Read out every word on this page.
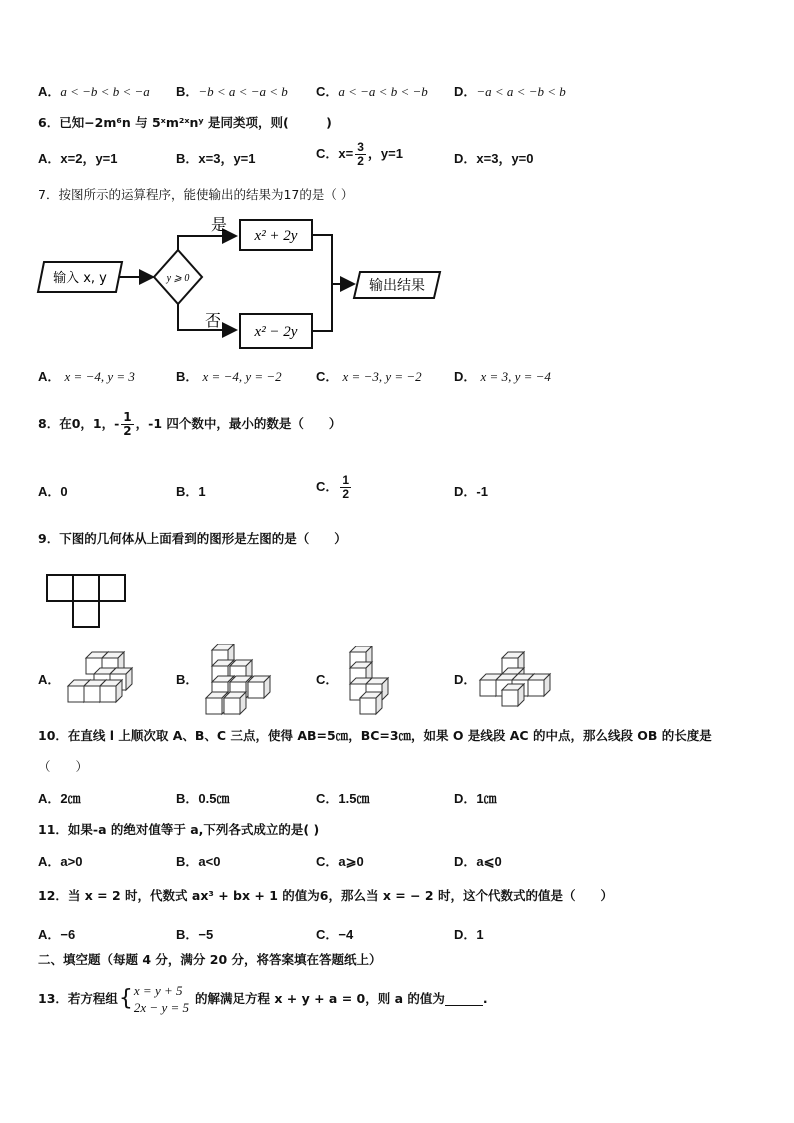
A．a < −b < b < −a B．−b < a < −a < b C．a < −a < b < −b D．−a < a < −b < b
6．已知−2m⁶n 与 5ˣm²ˣnʸ 是同类项，则(　　　)
A．x=2，y=1	B．x=3，y=1	C．$x= \frac{3}{2}$ ，y=1	D．x=3，y=0
7．按图所示的运算程序，能使输出的结果为17的是（ ）
输入 x, y	y ⩾ 0
是
x² + 2y
否
x² − 2y
输出结果
A． x = −4, y = 3	B． x = −4, y = −2	C． x = −3, y = −2 D． x = 3, y = −4
8．在0，1，- $\frac{1}{2}$ ，-1 四个数中，最小的数是（　　）
A．0	B．1	C． $\frac{1}{2}$	D．-1
9．下图的几何体从上面看到的图形是左图的是（　　）
A．	B．	C．	D．
10．在直线 l 上顺次取 A、B、C 三点，使得 AB=5㎝，BC=3㎝，如果 O 是线段 AC 的中点，那么线段 OB 的长度是
（　　）
A．2㎝	B．0.5㎝	C．1.5㎝	D．1㎝
11．如果-a 的绝对值等于 a,下列各式成立的是( )
A．a>0	B．a<0	C．a⩾0	D．a⩽0
12．当 x = 2 时，代数式 ax³ + bx + 1 的值为6，那么当 x = − 2 时，这个代数式的值是（　　）
A．−6	B．−5	C．−4	D．1
二、填空题（每题 4 分，满分 20 分，将答案填在答题纸上）
13．若方程组 { x = y + 5
2x − y = 5
的解满足方程 x + y + a = 0，则 a 的值为	.
